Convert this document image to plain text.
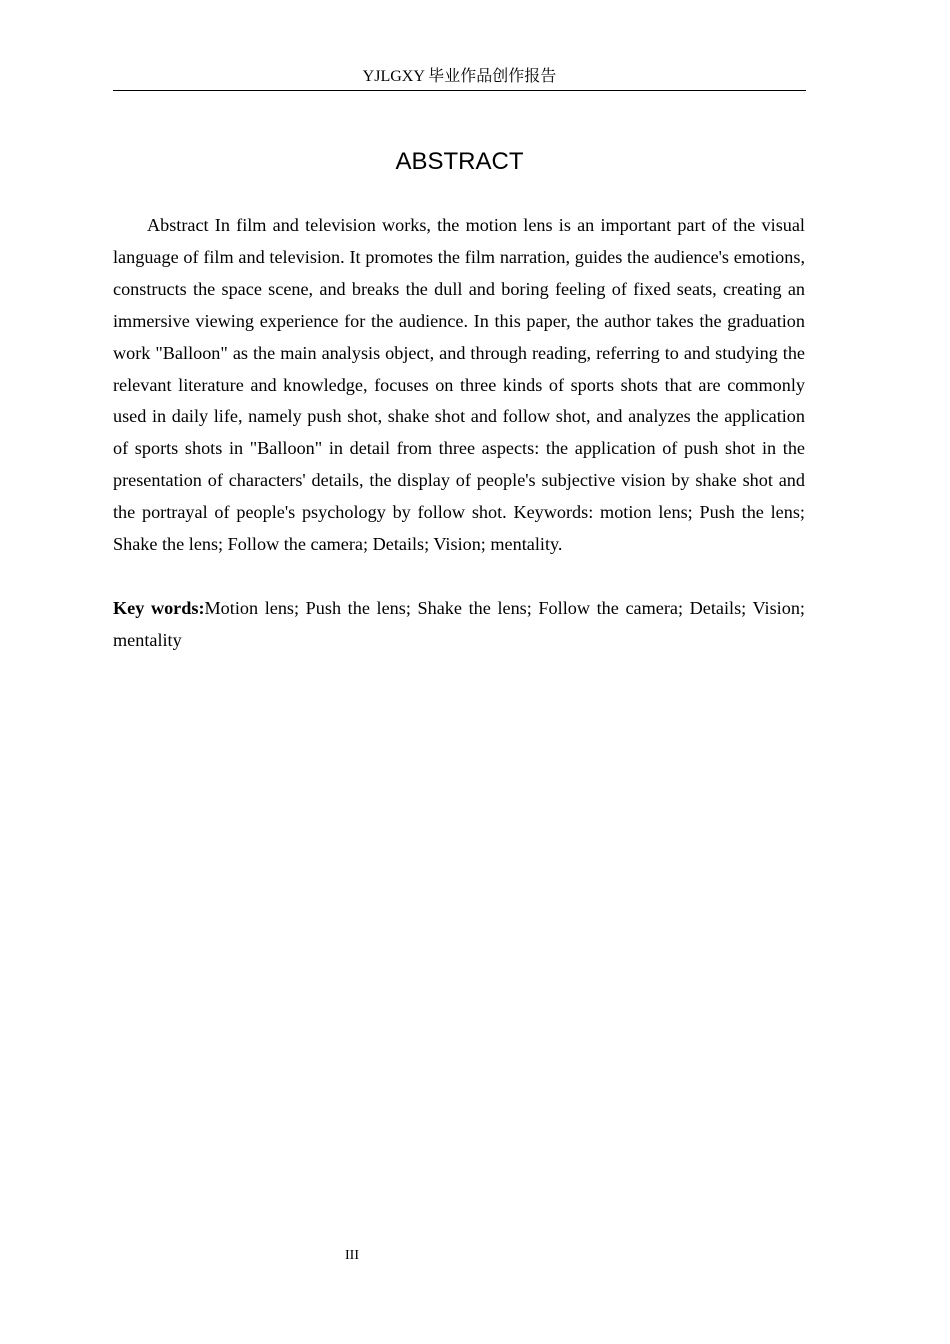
YJLGXY 毕业作品创作报告
ABSTRACT

Abstract In film and television works, the motion lens is an important part of the visual language of film and television. It promotes the film narration, guides the audience's emotions, constructs the space scene, and breaks the dull and boring feeling of fixed seats, creating an immersive viewing experience for the audience. In this paper, the author takes the graduation work "Balloon" as the main analysis object, and through reading, referring to and studying the relevant literature and knowledge, focuses on three kinds of sports shots that are commonly used in daily life, namely push shot, shake shot and follow shot, and analyzes the application of sports shots in "Balloon" in detail from three aspects: the application of push shot in the presentation of characters' details, the display of people's subjective vision by shake shot and the portrayal of people's psychology by follow shot. Keywords: motion lens; Push the lens; Shake the lens; Follow the camera; Details; Vision; mentality.

Key words:Motion lens; Push the lens; Shake the lens; Follow the camera; Details; Vision; mentality

III
